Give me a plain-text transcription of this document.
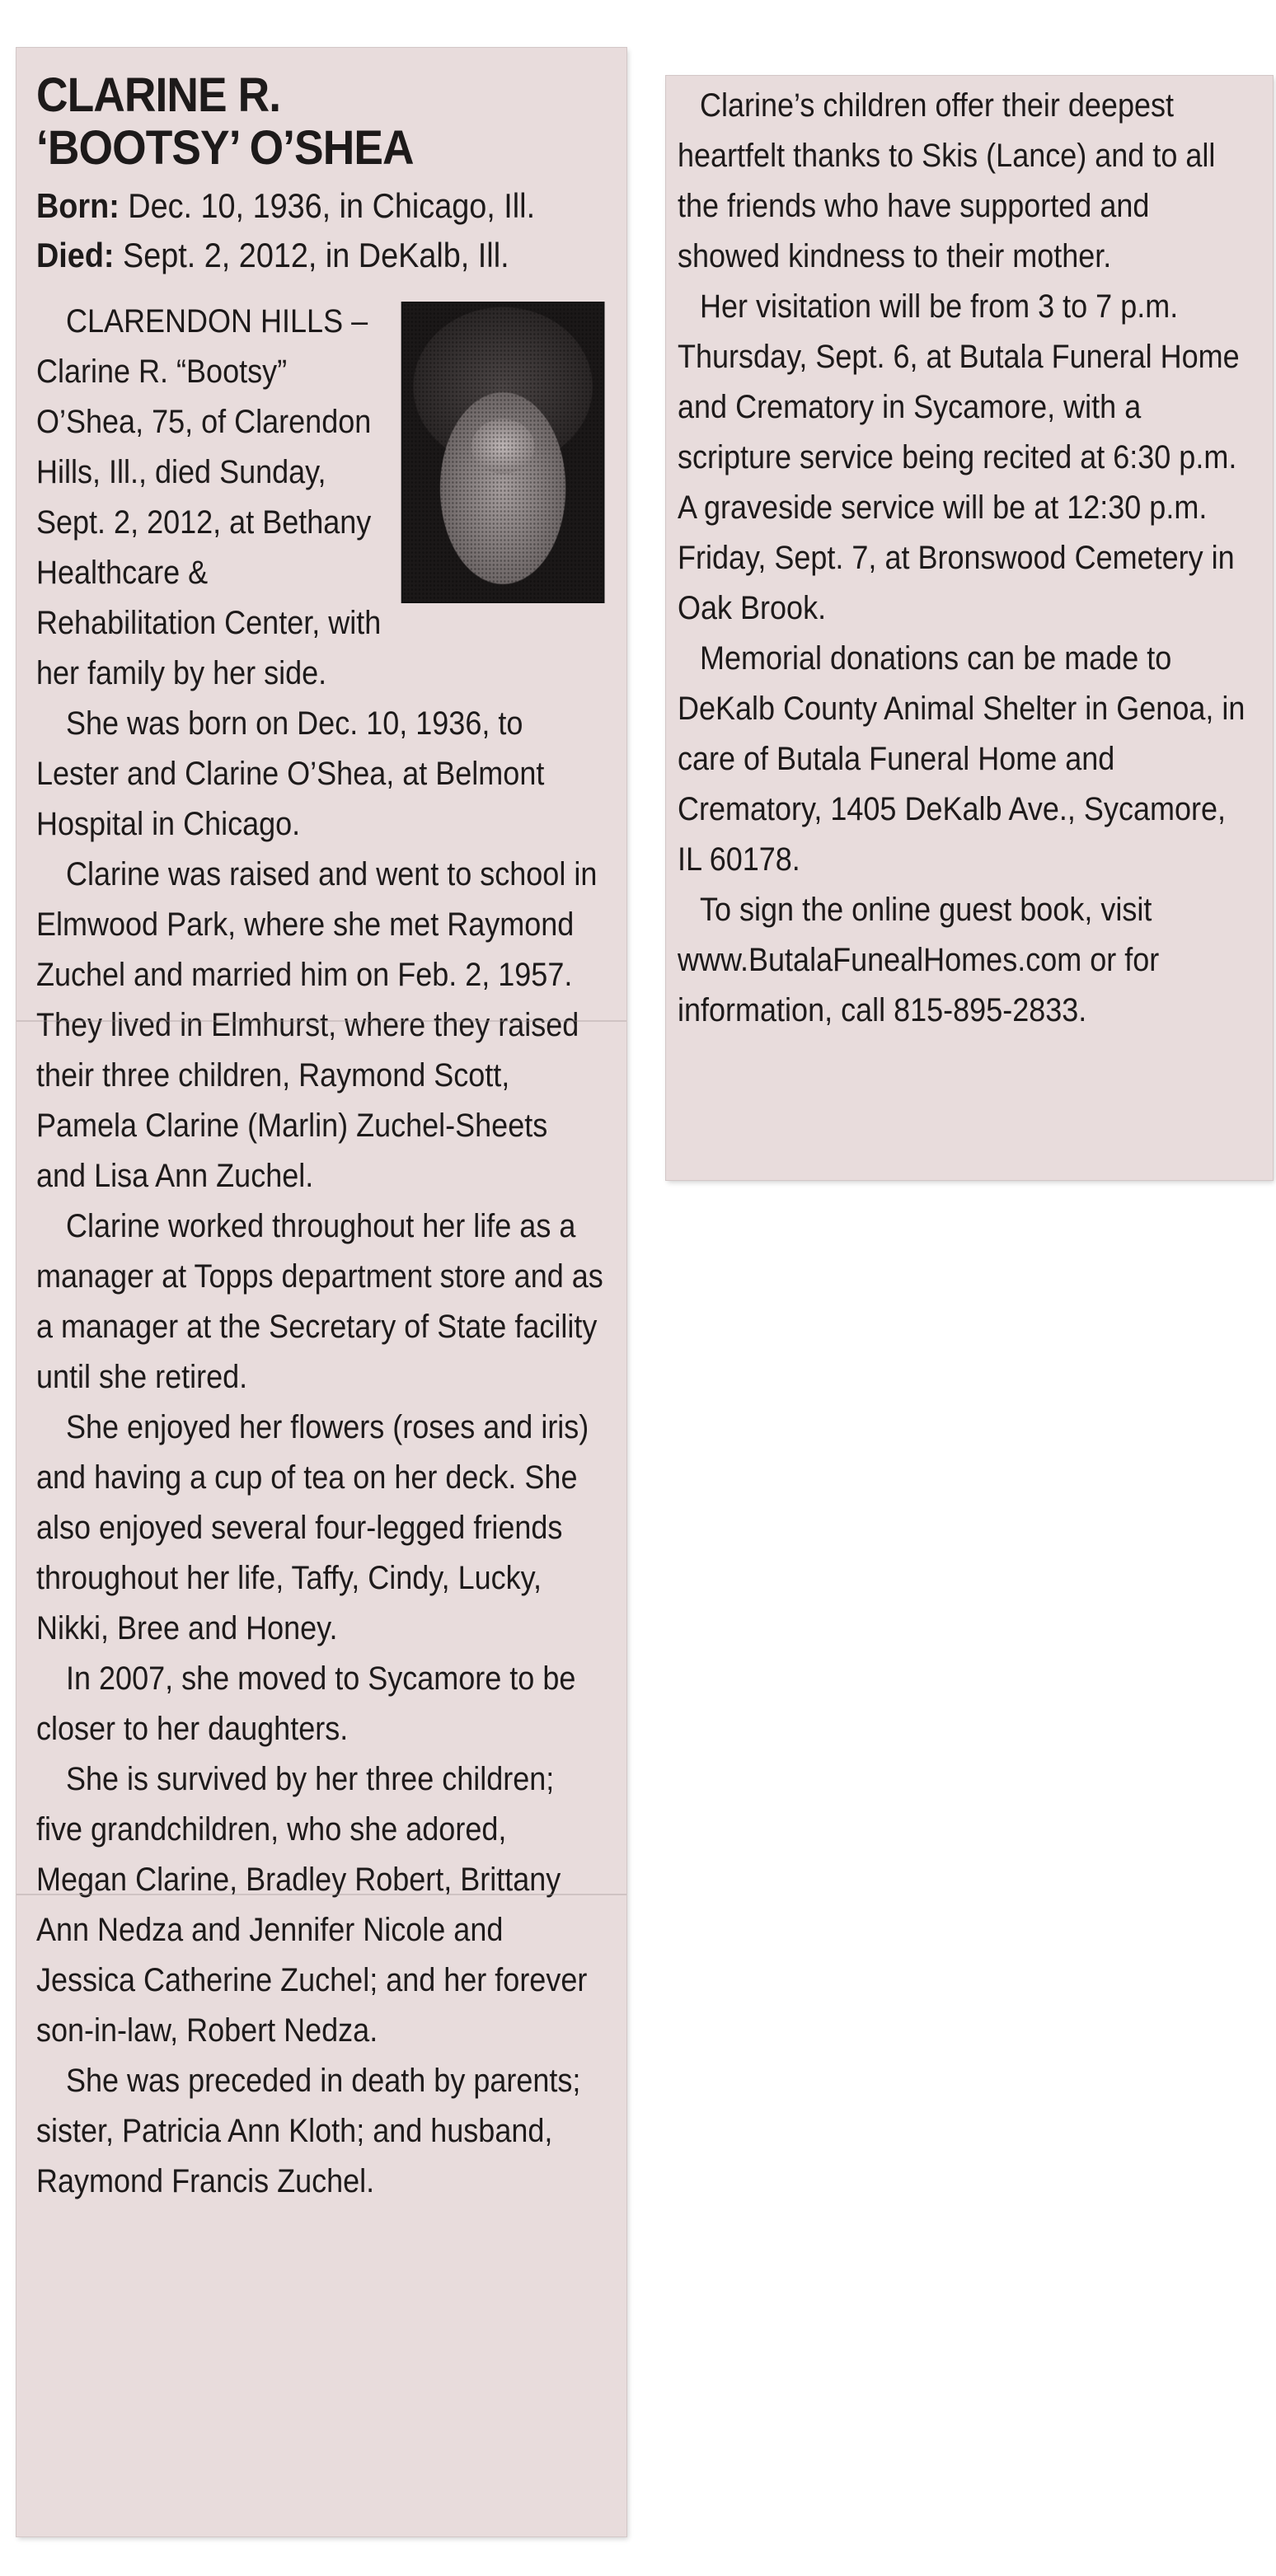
CLARINE R.
‘BOOTSY’ O’SHEA
Born: Dec. 10, 1936, in Chicago, Ill.
Died: Sept. 2, 2012, in DeKalb, Ill.

CLARENDON HILLS – Clarine R. “Bootsy” O’Shea, 75, of Clarendon Hills, Ill., died Sunday, Sept. 2, 2012, at Bethany Healthcare & Rehabilitation Center, with her family by her side.

She was born on Dec. 10, 1936, to Lester and Clarine O’Shea, at Belmont Hospital in Chicago.

Clarine was raised and went to school in Elmwood Park, where she met Raymond Zuchel and married him on Feb. 2, 1957. They lived in Elmhurst, where they raised their three children, Raymond Scott, Pamela Clarine (Marlin) Zuchel-Sheets and Lisa Ann Zuchel.

Clarine worked throughout her life as a manager at Topps department store and as a manager at the Secretary of State facility until she retired.

She enjoyed her flowers (roses and iris) and having a cup of tea on her deck. She also enjoyed several four-legged friends throughout her life, Taffy, Cindy, Lucky, Nikki, Bree and Honey.

In 2007, she moved to Sycamore to be closer to her daughters.

She is survived by her three children; five grandchildren, who she adored, Megan Clarine, Bradley Robert, Brittany Ann Nedza and Jennifer Nicole and Jessica Catherine Zuchel; and her forever son-in-law, Robert Nedza.

She was preceded in death by parents; sister, Patricia Ann Kloth; and husband, Raymond Francis Zuchel.

Clarine’s children offer their deepest heartfelt thanks to Skis (Lance) and to all the friends who have supported and showed kindness to their mother.

Her visitation will be from 3 to 7 p.m. Thursday, Sept. 6, at Butala Funeral Home and Crematory in Sycamore, with a scripture service being recited at 6:30 p.m. A graveside service will be at 12:30 p.m. Friday, Sept. 7, at Bronswood Cemetery in Oak Brook.

Memorial donations can be made to DeKalb County Animal Shelter in Genoa, in care of Butala Funeral Home and Crematory, 1405 DeKalb Ave., Sycamore, IL 60178.

To sign the online guest book, visit www.ButalaFunealHomes.com or for information, call 815-895-2833.
